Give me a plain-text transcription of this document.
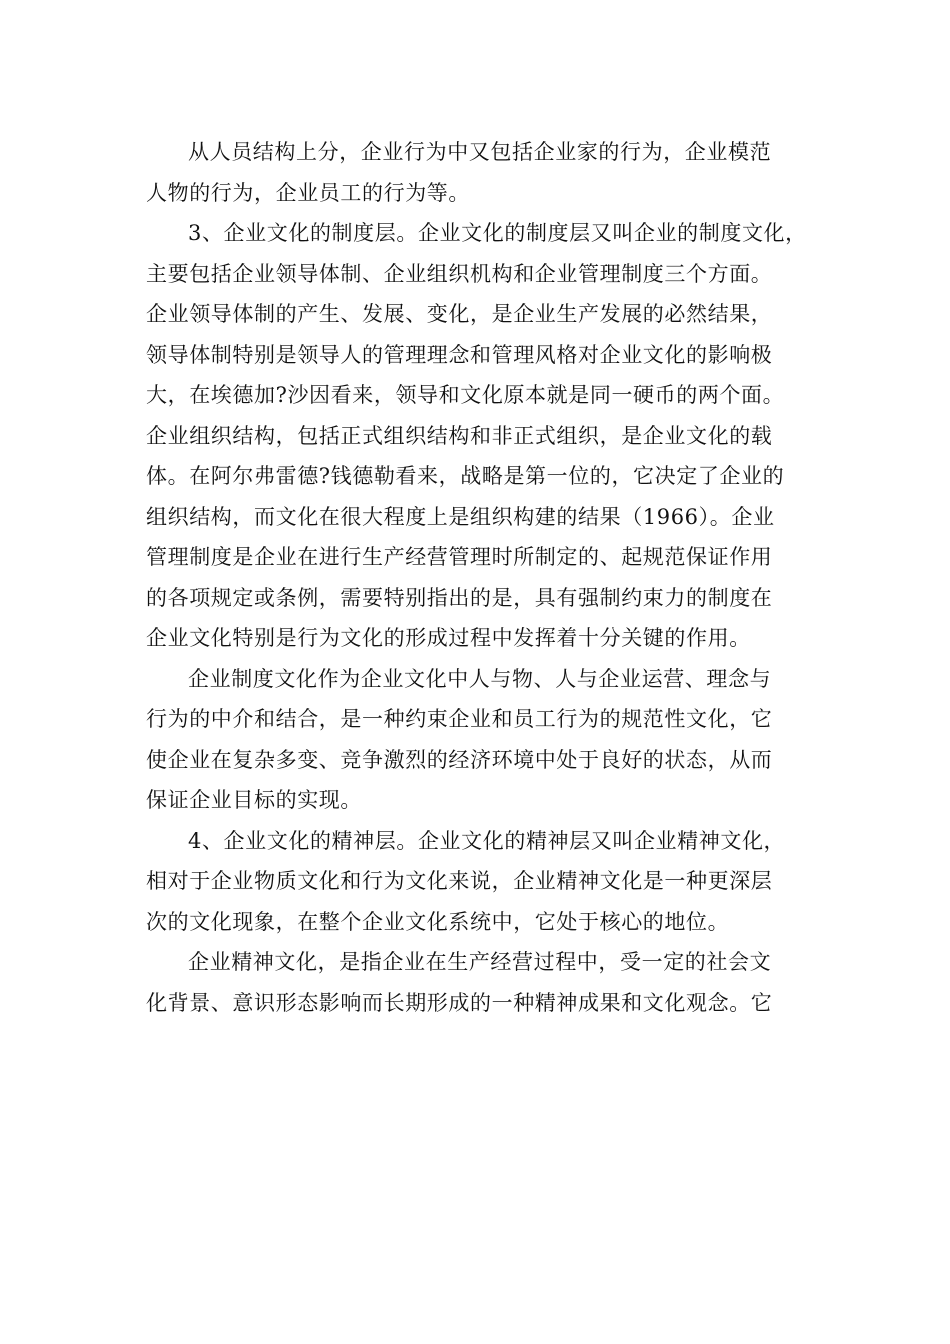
从人员结构上分，企业行为中又包括企业家的行为，企业模范
人物的行为，企业员工的行为等。
3、企业文化的制度层。企业文化的制度层又叫企业的制度文化，
主要包括企业领导体制、企业组织机构和企业管理制度三个方面。
企业领导体制的产生、发展、变化，是企业生产发展的必然结果，
领导体制特别是领导人的管理理念和管理风格对企业文化的影响极
大，在埃德加?沙因看来，领导和文化原本就是同一硬币的两个面。
企业组织结构，包括正式组织结构和非正式组织，是企业文化的载
体。在阿尔弗雷德?钱德勒看来，战略是第一位的，它决定了企业的
组织结构，而文化在很大程度上是组织构建的结果（1966）。企业
管理制度是企业在进行生产经营管理时所制定的、起规范保证作用
的各项规定或条例，需要特别指出的是，具有强制约束力的制度在
企业文化特别是行为文化的形成过程中发挥着十分关键的作用。
企业制度文化作为企业文化中人与物、人与企业运营、理念与
行为的中介和结合，是一种约束企业和员工行为的规范性文化，它
使企业在复杂多变、竞争激烈的经济环境中处于良好的状态，从而
保证企业目标的实现。
4、企业文化的精神层。企业文化的精神层又叫企业精神文化，
相对于企业物质文化和行为文化来说，企业精神文化是一种更深层
次的文化现象，在整个企业文化系统中，它处于核心的地位。
企业精神文化，是指企业在生产经营过程中，受一定的社会文
化背景、意识形态影响而长期形成的一种精神成果和文化观念。它
